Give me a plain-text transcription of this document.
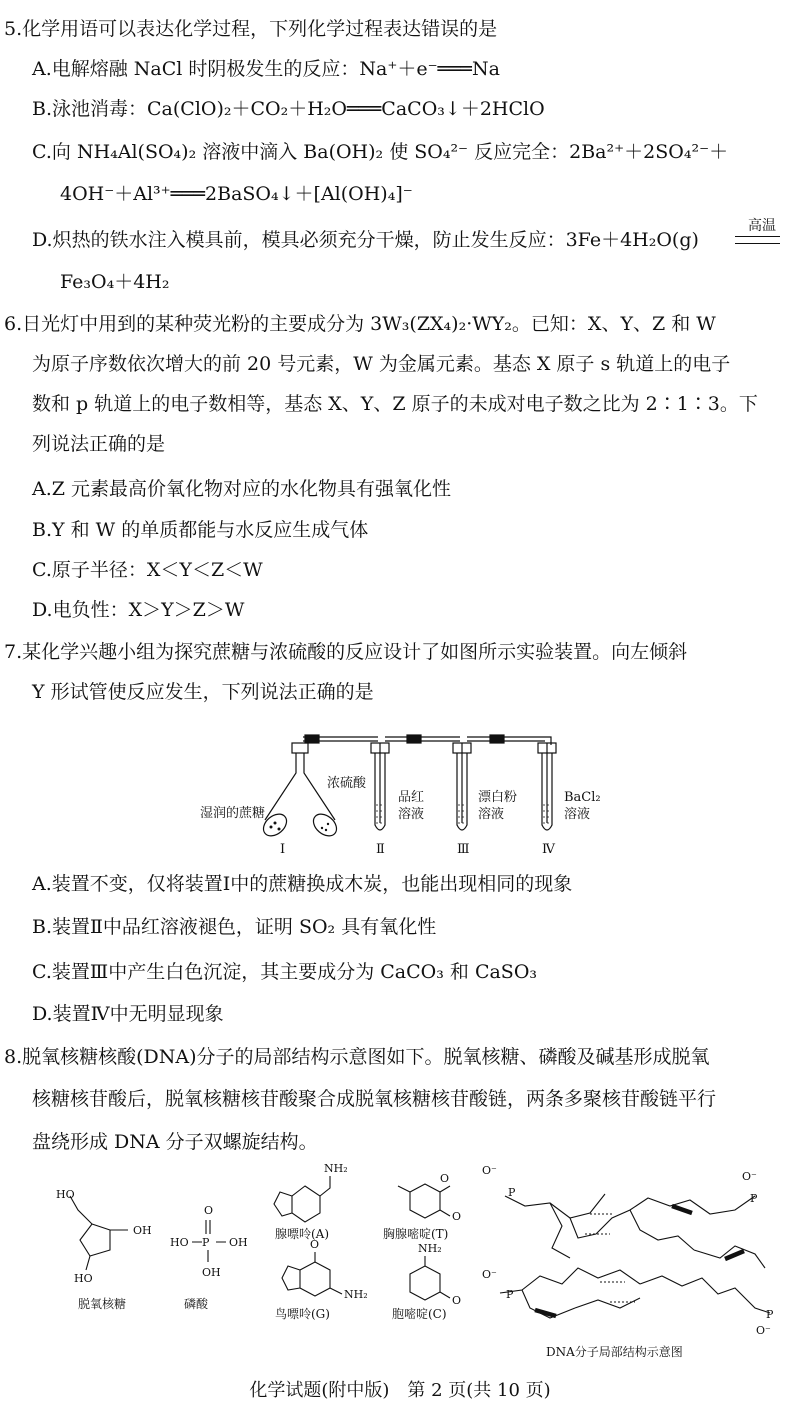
5.化学用语可以表达化学过程，下列化学过程表达错误的是
A.电解熔融 NaCl 时阴极发生的反应：Na⁺＋e⁻═══Na
B.泳池消毒：Ca(ClO)₂＋CO₂＋H₂O═══CaCO₃↓＋2HClO
C.向 NH₄Al(SO₄)₂ 溶液中滴入 Ba(OH)₂ 使 SO₄²⁻ 反应完全：2Ba²⁺＋2SO₄²⁻＋
4OH⁻＋Al³⁺═══2BaSO₄↓＋[Al(OH)₄]⁻
D.炽热的铁水注入模具前，模具必须充分干燥，防止发生反应：3Fe＋4H₂O(g)
高温
Fe₃O₄＋4H₂
6.日光灯中用到的某种荧光粉的主要成分为 3W₃(ZX₄)₂·WY₂。已知：X、Y、Z 和 W
为原子序数依次增大的前 20 号元素，W 为金属元素。基态 X 原子 s 轨道上的电子
数和 p 轨道上的电子数相等，基态 X、Y、Z 原子的未成对电子数之比为 2∶1∶3。下
列说法正确的是
A.Z 元素最高价氧化物对应的水化物具有强氧化性
B.Y 和 W 的单质都能与水反应生成气体
C.原子半径：X＜Y＜Z＜W
D.电负性：X＞Y＞Z＞W
7.某化学兴趣小组为探究蔗糖与浓硫酸的反应设计了如图所示实验装置。向左倾斜
Y 形试管使反应发生，下列说法正确的是
湿润的蔗糖
浓硫酸
品红
溶液
漂白粉
溶液
BaCl₂
溶液
Ⅰ	Ⅱ	Ⅲ	Ⅳ
A.装置不变，仅将装置Ⅰ中的蔗糖换成木炭，也能出现相同的现象
B.装置Ⅱ中品红溶液褪色，证明 SO₂ 具有氧化性
C.装置Ⅲ中产生白色沉淀，其主要成分为 CaCO₃ 和 CaSO₃
D.装置Ⅳ中无明显现象
8.脱氧核糖核酸(DNA)分子的局部结构示意图如下。脱氧核糖、磷酸及碱基形成脱氧
核糖核苷酸后，脱氧核糖核苷酸聚合成脱氧核糖核苷酸链，两条多聚核苷酸链平行
盘绕形成 DNA 分子双螺旋结构。
HO
OH
HO
O
P
HO	OH
OH
NH₂
O
O
O
NH₂
NH₂
O
O⁻	O⁻
O⁻
O⁻
P	P
P
P
脱氧核糖	磷酸
腺嘌呤(A)	胸腺嘧啶(T)
鸟嘌呤(G)	胞嘧啶(C)
DNA分子局部结构示意图
化学试题(附中版)　第 2 页(共 10 页)
